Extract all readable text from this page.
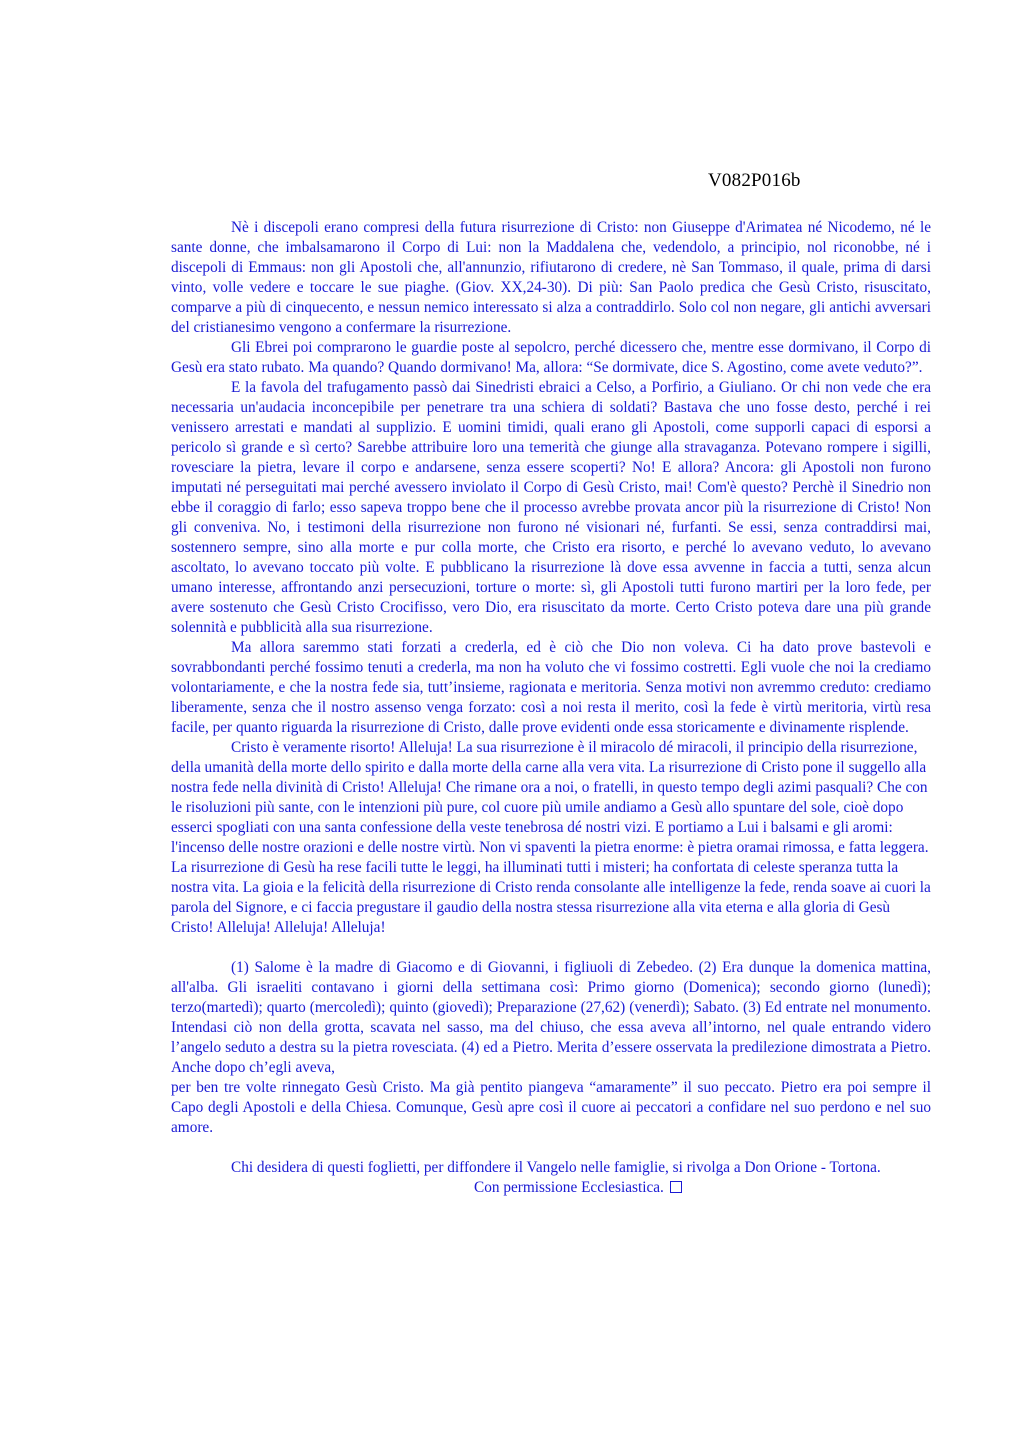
V082P016b

Nè i discepoli erano compresi della futura risurrezione di Cristo: non Giuseppe d'Arimatea né Nicodemo, né le sante donne, che imbalsamarono il Corpo di Lui: non la Maddalena che, vedendolo, a principio, nol riconobbe, né i discepoli di Emmaus: non gli Apostoli che, all'annunzio, rifiutarono di credere, nè San Tommaso, il quale, prima di darsi vinto, volle vedere e toccare le sue piaghe. (Giov. XX,24-30). Di più: San Paolo predica che Gesù Cristo, risuscitato, comparve a più di cinquecento, e nessun nemico interessato si alza a contraddirlo. Solo col non negare, gli antichi avversari del cristianesimo vengono a confermare la risurrezione.

Gli Ebrei poi comprarono le guardie poste al sepolcro, perché dicessero che, mentre esse dormivano, il Corpo di Gesù era stato rubato. Ma quando? Quando dormivano! Ma, allora: “Se dormivate, dice S. Agostino, come avete veduto?”.

E la favola del trafugamento passò dai Sinedristi ebraici a Celso, a Porfirio, a Giuliano. Or chi non vede che era necessaria un'audacia inconcepibile per penetrare tra una schiera di soldati? Bastava che uno fosse desto, perché i rei venissero arrestati e mandati al supplizio. E uomini timidi, quali erano gli Apostoli, come supporli capaci di esporsi a pericolo sì grande e sì certo? Sarebbe attribuire loro una temerità che giunge alla stravaganza. Potevano rompere i sigilli, rovesciare la pietra, levare il corpo e andarsene, senza essere scoperti? No! E allora? Ancora: gli Apostoli non furono imputati né perseguitati mai perché avessero inviolato il Corpo di Gesù Cristo, mai! Com'è questo? Perchè il Sinedrio non ebbe il coraggio di farlo; esso sapeva troppo bene che il processo avrebbe provata ancor più la risurrezione di Cristo! Non gli conveniva. No, i testimoni della risurrezione non furono né visionari né, furfanti. Se essi, senza contraddirsi mai, sostennero sempre, sino alla morte e pur colla morte, che Cristo era risorto, e perché lo avevano veduto, lo avevano ascoltato, lo avevano toccato più volte. E pubblicano la risurrezione là dove essa avvenne in faccia a tutti, senza alcun umano interesse, affrontando anzi persecuzioni, torture o morte: sì, gli Apostoli tutti furono martiri per la loro fede, per avere sostenuto che Gesù Cristo Crocifisso, vero Dio, era risuscitato da morte. Certo Cristo poteva dare una più grande solennità e pubblicità alla sua risurrezione.

Ma allora saremmo stati forzati a crederla, ed è ciò che Dio non voleva. Ci ha dato prove bastevoli e sovrabbondanti perché fossimo tenuti a crederla, ma non ha voluto che vi fossimo costretti. Egli vuole che noi la crediamo volontariamente, e che la nostra fede sia, tutt’insieme, ragionata e meritoria. Senza motivi non avremmo creduto: crediamo liberamente, senza che il nostro assenso venga forzato: così a noi resta il merito, così la fede è virtù meritoria, virtù resa facile, per quanto riguarda la risurrezione di Cristo, dalle prove evidenti onde essa storicamente e divinamente risplende.

Cristo è veramente risorto! Alleluja! La sua risurrezione è il miracolo dé miracoli, il principio della risurrezione, della umanità della morte dello spirito e dalla morte della carne alla vera vita. La risurrezione di Cristo pone il suggello alla nostra fede nella divinità di Cristo! Alleluja! Che rimane ora a noi, o fratelli, in questo tempo degli azimi pasquali? Che con le risoluzioni più sante, con le intenzioni più pure, col cuore più umile andiamo a Gesù allo spuntare del sole, cioè dopo esserci spogliati con una santa confessione della veste tenebrosa dé nostri vizi. E portiamo a Lui i balsami e gli aromi: l'incenso delle nostre orazioni e delle nostre virtù. Non vi spaventi la pietra enorme: è pietra oramai rimossa, e fatta leggera. La risurrezione di Gesù ha rese facili tutte le leggi, ha illuminati tutti i misteri; ha confortata di celeste speranza tutta la nostra vita. La gioia e la felicità della risurrezione di Cristo renda consolante alle intelligenze la fede, renda soave ai cuori la parola del Signore, e ci faccia pregustare il gaudio della nostra stessa risurrezione alla vita eterna e alla gloria di Gesù Cristo! Alleluja! Alleluja! Alleluja!

(1) Salome è la madre di Giacomo e di Giovanni, i figliuoli di Zebedeo. (2) Era dunque la domenica mattina, all'alba. Gli israeliti contavano i giorni della settimana così: Primo giorno (Domenica); secondo giorno (lunedì); terzo(martedì); quarto (mercoledì); quinto (giovedì); Preparazione (27,62) (venerdì); Sabato. (3) Ed entrate nel monumento. Intendasi ciò non della grotta, scavata nel sasso, ma del chiuso, che essa aveva all’intorno, nel quale entrando videro l’angelo seduto a destra su la pietra rovesciata. (4) ed a Pietro. Merita d’essere osservata la predilezione dimostrata a Pietro. Anche dopo ch’egli aveva,

per ben tre volte rinnegato Gesù Cristo. Ma già pentito piangeva “amaramente” il suo peccato. Pietro era poi sempre il Capo degli Apostoli e della Chiesa. Comunque, Gesù apre così il cuore ai peccatori a confidare nel suo perdono e nel suo amore.

Chi desidera di questi foglietti, per diffondere il Vangelo nelle famiglie, si rivolga a Don Orione - Tortona.

Con permissione Ecclesiastica.
